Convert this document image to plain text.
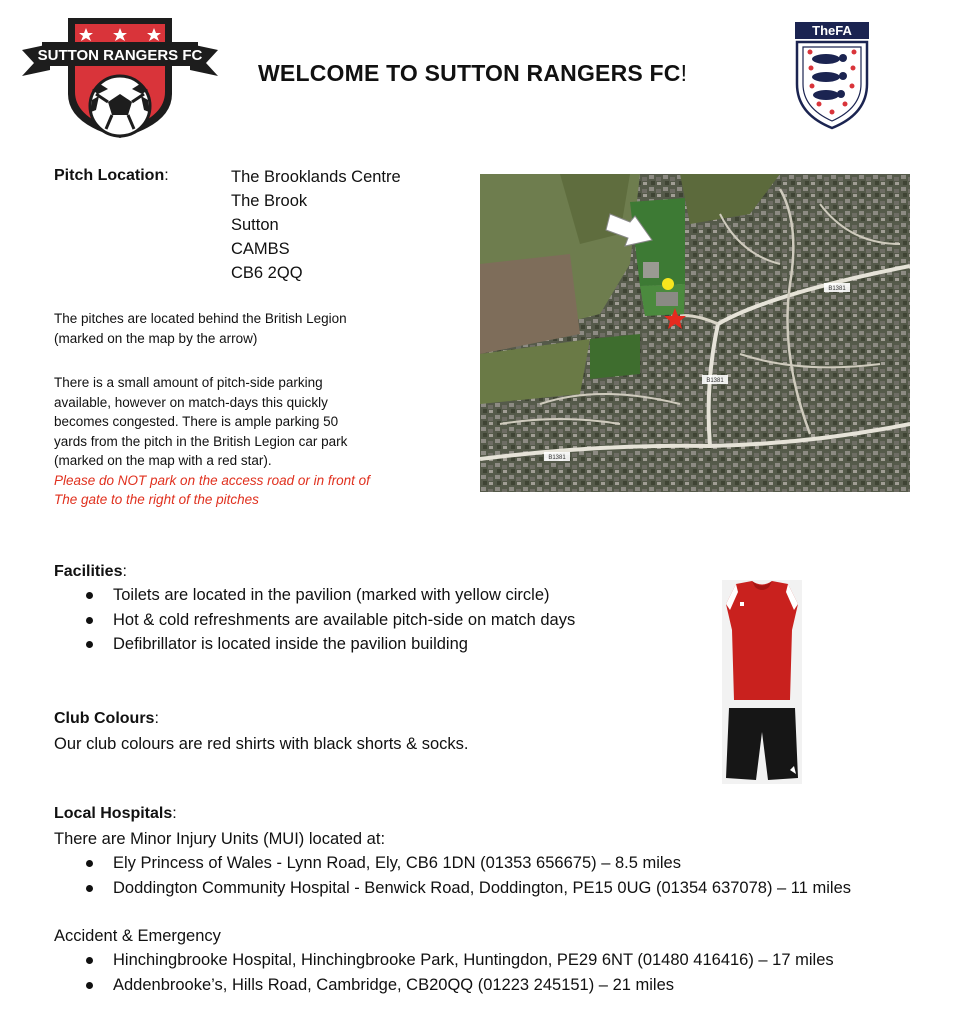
SUTTON RANGERS FC
WELCOME TO SUTTON RANGERS FC!
TheFA
Pitch Location:	The Brooklands Centre
The Brook
Sutton
CAMBS
CB6 2QQ
The pitches are located behind the British Legion
(marked on the map by the arrow)
There is a small amount of pitch-side parking
available, however on match-days this quickly
becomes congested. There is ample parking 50
yards from the pitch in the British Legion car park
(marked on the map with a red star).
Please do NOT park on the access road or in front of
The gate to the right of the pitches
B1381
B1381
B1381
Facilities:
Toilets are located in the pavilion (marked with yellow circle)
Hot & cold refreshments are available pitch-side on match days
Defibrillator is located inside the pavilion building
Club Colours:
Our club colours are red shirts with black shorts & socks.
Local Hospitals:
There are Minor Injury Units (MUI) located at:
Ely Princess of Wales - Lynn Road, Ely, CB6 1DN (01353 656675) – 8.5 miles
Doddington Community Hospital - Benwick Road, Doddington, PE15 0UG (01354 637078) – 11 miles
Accident & Emergency
Hinchingbrooke Hospital, Hinchingbrooke Park, Huntingdon, PE29 6NT (01480 416416) – 17 miles
Addenbrooke’s, Hills Road, Cambridge, CB20QQ (01223 245151) – 21 miles
